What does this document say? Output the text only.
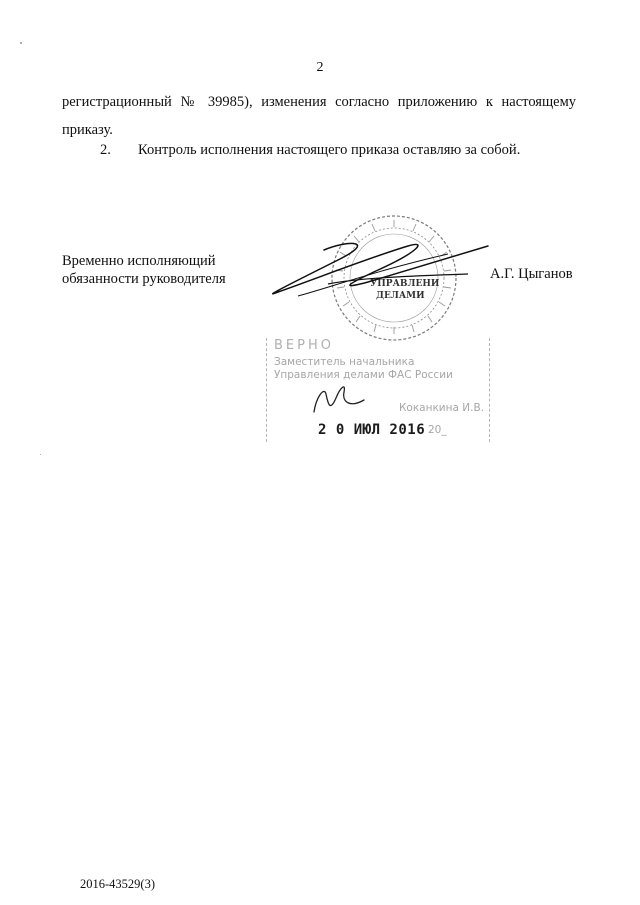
2
регистрационный № 39985), изменения согласно приложению к настоящему
приказу.
2. Контроль исполнения настоящего приказа оставляю за собой.
Временно исполняющий
обязанности руководителя	А.Г. Цыганов
УПРАВЛЕНИ
ДЕЛАМИ
ВЕРНО
Заместитель начальника
Управления делами ФАС России
Коканкина И.В.
2 0 ИЮЛ 2016 20_
2016-43529(3)
